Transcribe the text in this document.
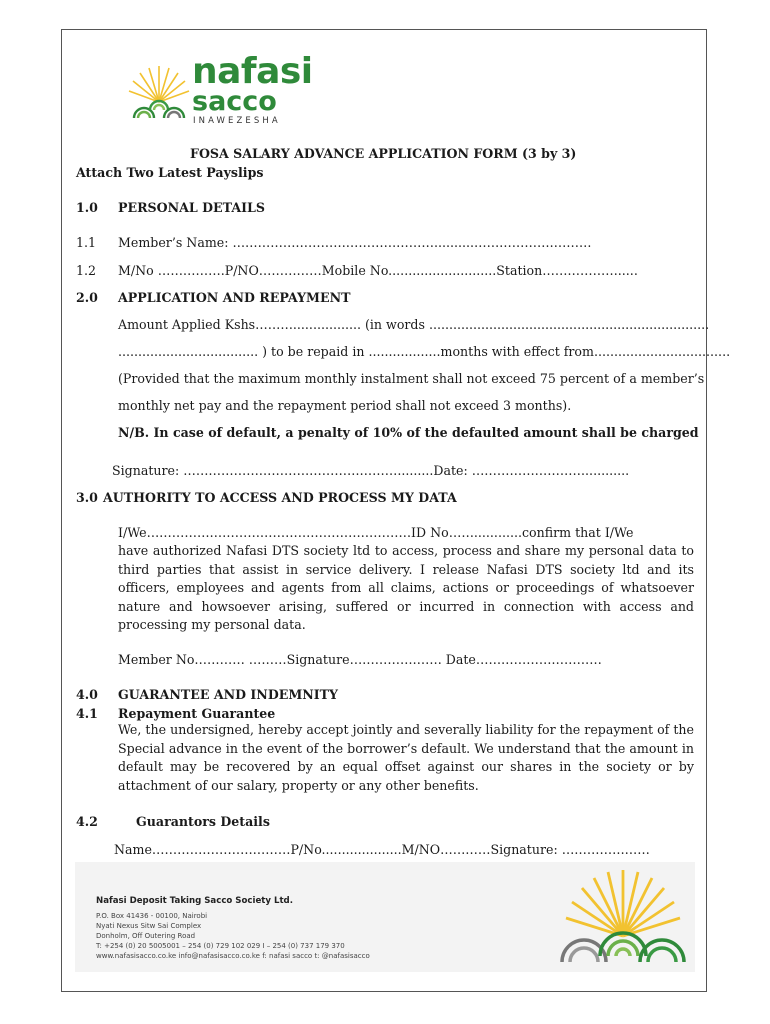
nafasi
sacco
INAWEZESHA
FOSA SALARY ADVANCE APPLICATION FORM (3 by 3)
Attach Two Latest Payslips
1.0 PERSONAL DETAILS
1.1 Member’s Name: …………………………………………..........……………………….
1.2 M/No …………….P/NO……………Mobile No...........................Station……………….....
2.0 APPLICATION AND REPAYMENT
Amount Applied Kshs………................. (in words ......................................................................
................................... ) to be repaid in ..................months with effect from..................................
(Provided that the maximum monthly instalment shall not exceed 75 percent of a member’s
monthly net pay and the repayment period shall not exceed 3 months).
N/B. In case of default, a penalty of 10% of the defaulted amount shall be charged
Signature: …………………………………………….........Date: ………………………...........
3.0 AUTHORITY TO ACCESS AND PROCESS MY DATA
I/We………………………………………………………ID No……............confirm that I/We
have authorized Nafasi DTS society ltd to access, process and share my personal data to third parties that assist in service delivery. I release Nafasi DTS society ltd and its officers, employees and agents from all claims, actions or proceedings of whatsoever nature and howsoever arising, suffered or incurred in connection with access and processing my personal data.
Member No………… ………Signature…………………. Date…………………………
4.0 GUARANTEE AND INDEMNITY
4.1 Repayment Guarantee
We, the undersigned, hereby accept jointly and severally liability for the repayment of the Special advance in the event of the borrower’s default. We understand that the amount in default may be recovered by an equal offset against our shares in the society or by attachment of our salary, property or any other benefits.
4.2	Guarantors Details
Name……………………………P/No....................M/NO…………Signature: …………………
Nafasi Deposit Taking Sacco Society Ltd.
P.O. Box 41436 - 00100, Nairobi
Nyati Nexus Sitw Sai Complex
Donholm, Off Outering Road
T: +254 (0) 20 5005001 – 254 (0) 729 102 029 I – 254 (0) 737 179 370
www.nafasisacco.co.ke info@nafasisacco.co.ke f: nafasi sacco t: @nafasisacco
